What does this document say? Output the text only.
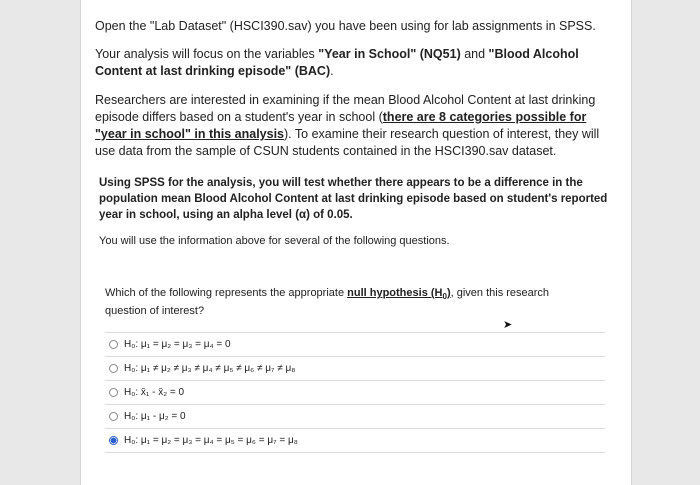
Open the "Lab Dataset" (HSCI390.sav) you have been using for lab assignments in SPSS.
Your analysis will focus on the variables "Year in School" (NQ51) and "Blood Alcohol Content at last drinking episode" (BAC).
Researchers are interested in examining if the mean Blood Alcohol Content at last drinking episode differs based on a student's year in school (there are 8 categories possible for "year in school" in this analysis). To examine their research question of interest, they will use data from the sample of CSUN students contained in the HSCI390.sav dataset.
Using SPSS for the analysis, you will test whether there appears to be a difference in the population mean Blood Alcohol Content at last drinking episode based on student's reported year in school, using an alpha level (α) of 0.05.
You will use the information above for several of the following questions.
Which of the following represents the appropriate null hypothesis $(H_0)$, given this research question of interest?
➤
H₀: μ₁ = μ₂ = μ₃ = μ₄ = 0
H₀: μ₁ ≠ μ₂ ≠ μ₃ ≠ μ₄ ≠ μ₅ ≠ μ₆ ≠ μ₇ ≠ μ₈
H₀: x̄₁ - x̄₂ = 0
H₀: μ₁ - μ₂ = 0
H₀: μ₁ = μ₂ = μ₃ = μ₄ = μ₅ = μ₆ = μ₇ = μ₈
